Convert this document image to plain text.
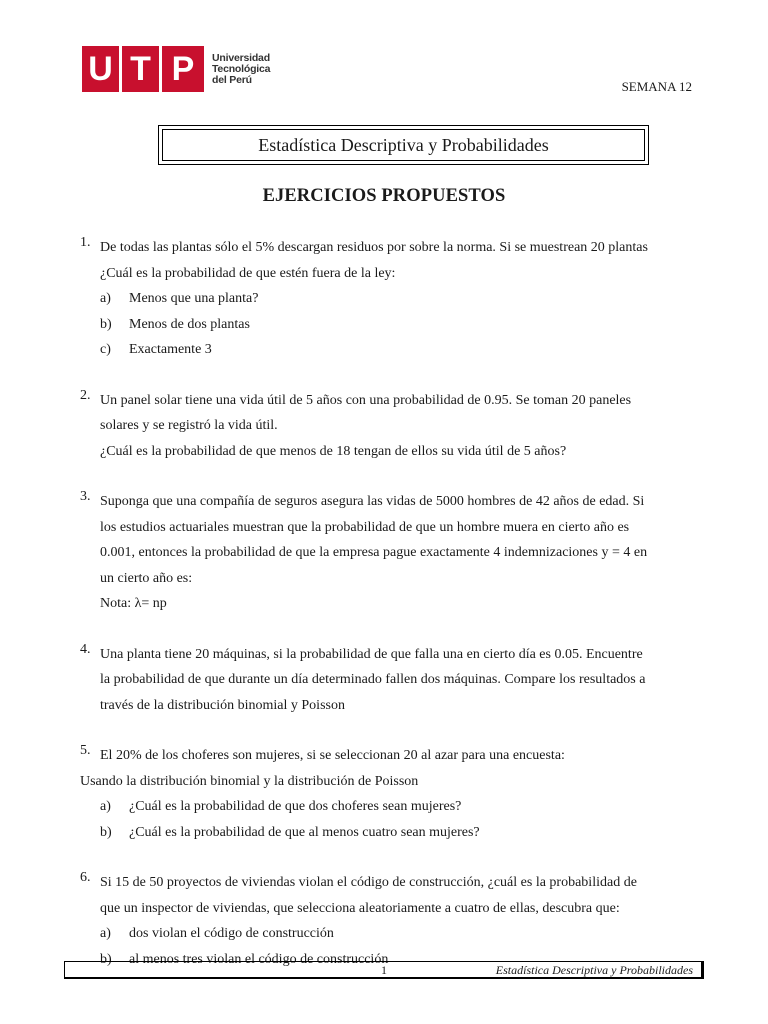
U T P	Universidad
Tecnológica
del Perú	SEMANA 12
Estadística Descriptiva y Probabilidades
EJERCICIOS PROPUESTOS
1. De todas las plantas sólo el 5% descargan residuos por sobre la norma. Si se muestrean 20 plantas

¿Cuál es la probabilidad de que estén fuera de la ley:

a) Menos que una planta?
b) Menos de dos plantas
c) Exactamente 3
2. Un panel solar tiene una vida útil de 5 años con una probabilidad de 0.95. Se toman 20 paneles

solares y se registró la vida útil.

¿Cuál es la probabilidad de que menos de 18 tengan de ellos su vida útil de 5 años?

3. Suponga que una compañía de seguros asegura las vidas de 5000 hombres de 42 años de edad. Si

los estudios actuariales muestran que la probabilidad de que un hombre muera en cierto año es

0.001, entonces la probabilidad de que la empresa pague exactamente 4 indemnizaciones y = 4 en

un cierto año es:

Nota: λ= np

4. Una planta tiene 20 máquinas, si la probabilidad de que falla una en cierto día es 0.05. Encuentre

la probabilidad de que durante un día determinado fallen dos máquinas. Compare los resultados a

través de la distribución binomial y Poisson

5. El 20% de los choferes son mujeres, si se seleccionan 20 al azar para una encuesta:

Usando la distribución binomial y la distribución de Poisson

a) ¿Cuál es la probabilidad de que dos choferes sean mujeres?
b) ¿Cuál es la probabilidad de que al menos cuatro sean mujeres?
6. Si 15 de 50 proyectos de viviendas violan el código de construcción, ¿cuál es la probabilidad de

que un inspector de viviendas, que selecciona aleatoriamente a cuatro de ellas, descubra que:

a) dos violan el código de construcción
b) al menos tres violan el código de construcción
1	Estadística Descriptiva y Probabilidades
